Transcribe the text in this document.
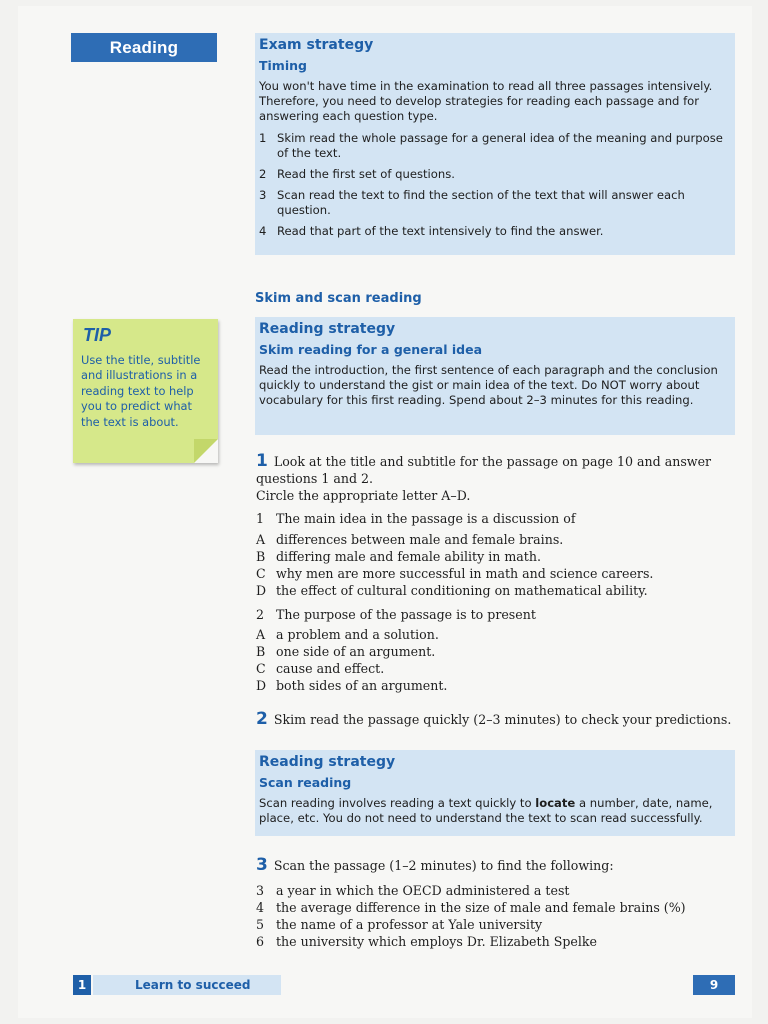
Reading	Exam strategy
Timing

You won't have time in the examination to read all three passages intensively. Therefore, you need to develop strategies for reading each passage and for answering each question type.

1 Skim read the whole passage for a general idea of the meaning and purpose of the text.
2 Read the first set of questions.
3 Scan read the text to find the section of the text that will answer each question.
4 Read that part of the text intensively to find the answer.
Skim and scan reading
TIP
Use the title, subtitle and illustrations in a reading text to help you to predict what the text is about.
Reading strategy
Skim reading for a general idea

Read the introduction, the first sentence of each paragraph and the conclusion quickly to understand the gist or main idea of the text. Do NOT worry about vocabulary for this first reading. Spend about 2–3 minutes for this reading.

1 Look at the title and subtitle for the passage on page 10 and answer
questions 1 and 2.
Circle the appropriate letter A–D.
1 The main idea in the passage is a discussion of
A differences between male and female brains.
B differing male and female ability in math.
C why men are more successful in math and science careers.
D the effect of cultural conditioning on mathematical ability.
2 The purpose of the passage is to present
A a problem and a solution.
B one side of an argument.
C cause and effect.
D both sides of an argument.
2 Skim read the passage quickly (2–3 minutes) to check your predictions.
Reading strategy
Scan reading

Scan reading involves reading a text quickly to locate a number, date, name, place, etc. You do not need to understand the text to scan read successfully.

3 Scan the passage (1–2 minutes) to find the following:
3 a year in which the OECD administered a test
4 the average difference in the size of male and female brains (%)
5 the name of a professor at Yale university
6 the university which employs Dr. Elizabeth Spelke
1	Learn to succeed	9
